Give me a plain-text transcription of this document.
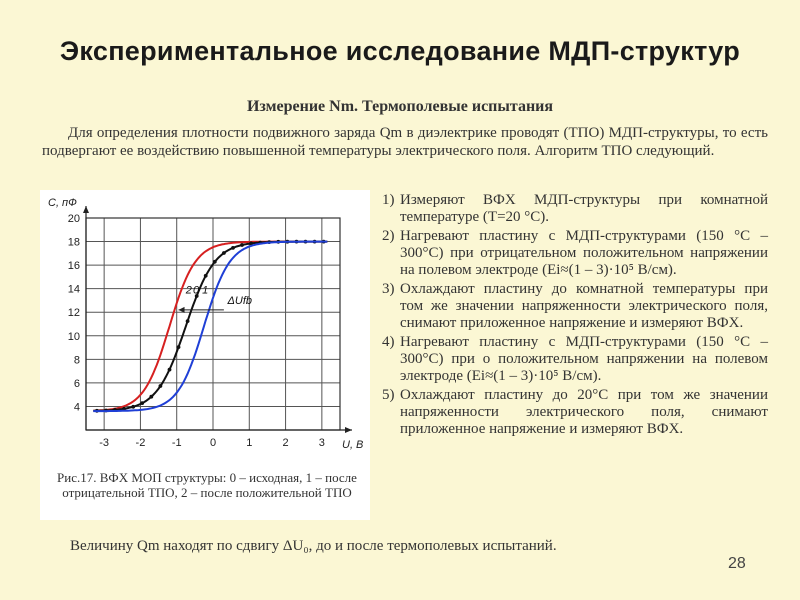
Экспериментальное исследование МДП-структур
Измерение Nm. Термополевые испытания
Для определения плотности подвижного заряда Qm в диэлектрике проводят (ТПО) МДП-структуры, то есть подвергают ее воздействию повышенной температуры электрического поля. Алгоритм ТПО следующий.
-3 -2 -1	0	1	2	3
4
6
8
10
12
14
16
18
20
С, пФ
U, В
2 0 1
ΔUfb
Рис.17. ВФХ МОП структуры: 0 – исходная, 1 – после отрицательной ТПО, 2 – после положительной ТПО
1) Измеряют ВФХ МДП-структуры при комнатной температуре (Т=20 °С).
2) Нагревают пластину с МДП-структурами (150 °С – 300°С) при отрицательном положительном напряжении на полевом электроде (Еi≈(1 – 3)·10⁵ В/см).
3) Охлаждают пластину до комнатной температуры при том же значении напряженности электрического поля, снимают приложенное напряжение и измеряют ВФХ.
4) Нагревают пластину с МДП-структурами (150 °С – 300°С) при о положительном напряжении на полевом электроде (Еi≈(1 – 3)·10⁵ В/см).
5) Охлаждают пластину до 20°С при том же значении напряженности электрического поля, снимают приложенное напряжение и измеряют ВФХ.
Величину Qm находят по сдвигу ΔU₀, до и после термополевых испытаний.
28
